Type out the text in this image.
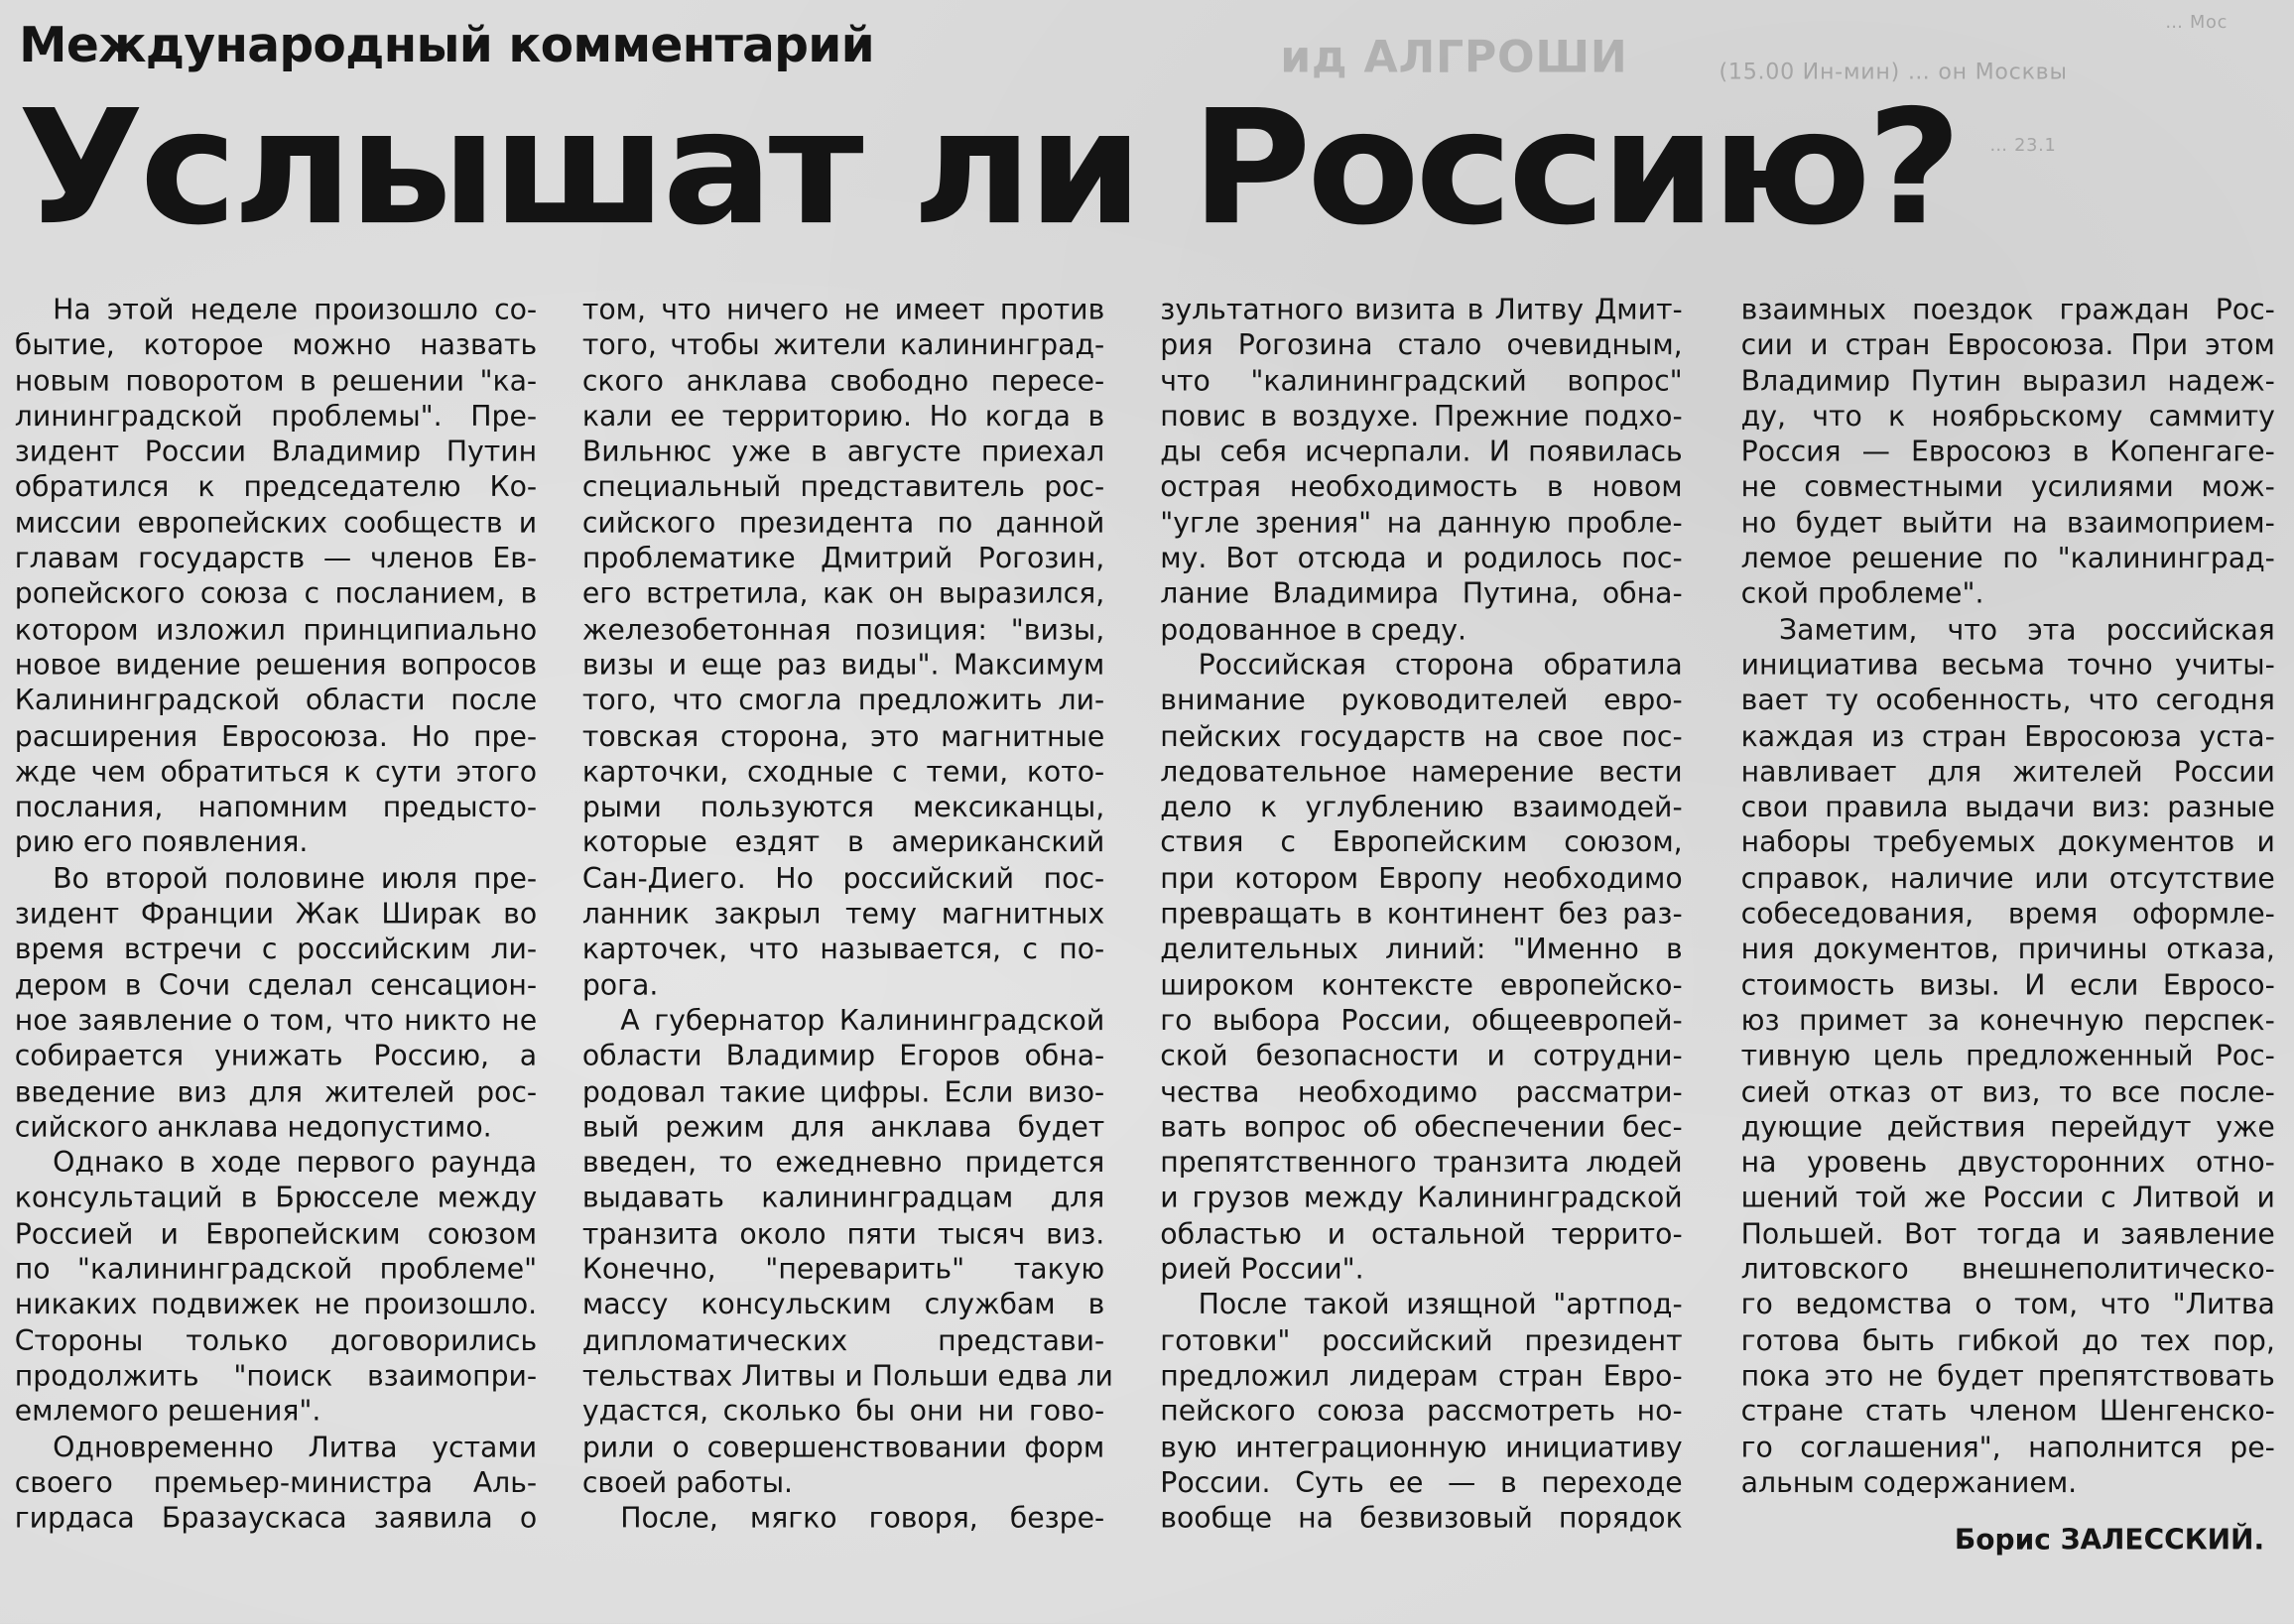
ид АЛГРОШИ	(15.00 Ин-мин) … он Москвы
… 23.1
… Мос
Международный комментарий
Услышат ли Россию?
На этой неделе произошло со-
бытие, которое можно назвать
новым поворотом в решении "ка-
лининградской проблемы". Пре-
зидент России Владимир Путин
обратился к председателю Ко-
миссии европейских сообществ и
главам государств — членов Ев-
ропейского союза с посланием, в
котором изложил принципиально
новое видение решения вопросов
Калининградской области после
расширения Евросоюза. Но пре-
жде чем обратиться к сути этого
послания, напомним предысто-
рию его появления.
Во второй половине июля пре-
зидент Франции Жак Ширак во
время встречи с российским ли-
дером в Сочи сделал сенсацион-
ное заявление о том, что никто не
собирается унижать Россию, а
введение виз для жителей рос-
сийского анклава недопустимо.
Однако в ходе первого раунда
консультаций в Брюсселе между
Россией и Европейским союзом
по "калининградской проблеме"
никаких подвижек не произошло.
Стороны только договорились
продолжить "поиск взаимопри-
емлемого решения".
Одновременно Литва устами
своего премьер-министра Аль-
гирдаса Бразаускаса заявила о
том, что ничего не имеет против
того, чтобы жители калининград-
ского анклава свободно пересе-
кали ее территорию. Но когда в
Вильнюс уже в августе приехал
специальный представитель рос-
сийского президента по данной
проблематике Дмитрий Рогозин,
его встретила, как он выразился,
железобетонная позиция: "визы,
визы и еще раз виды". Максимум
того, что смогла предложить ли-
товская сторона, это магнитные
карточки, сходные с теми, кото-
рыми пользуются мексиканцы,
которые ездят в американский
Сан-Диего. Но российский пос-
ланник закрыл тему магнитных
карточек, что называется, с по-
рога.
А губернатор Калининградской
области Владимир Егоров обна-
родовал такие цифры. Если визо-
вый режим для анклава будет
введен, то ежедневно придется
выдавать калининградцам для
транзита около пяти тысяч виз.
Конечно, "переварить" такую
массу консульским службам в
дипломатических представи-
тельствах Литвы и Польши едва ли
удастся, сколько бы они ни гово-
рили о совершенствовании форм
своей работы.
После, мягко говоря, безре-
зультатного визита в Литву Дмит-
рия Рогозина стало очевидным,
что "калининградский вопрос"
повис в воздухе. Прежние подхо-
ды себя исчерпали. И появилась
острая необходимость в новом
"угле зрения" на данную пробле-
му. Вот отсюда и родилось пос-
лание Владимира Путина, обна-
родованное в среду.
Российская сторона обратила
внимание руководителей евро-
пейских государств на свое пос-
ледовательное намерение вести
дело к углублению взаимодей-
ствия с Европейским союзом,
при котором Европу необходимо
превращать в континент без раз-
делительных линий: "Именно в
широком контексте европейско-
го выбора России, общеевропей-
ской безопасности и сотрудни-
чества необходимо рассматри-
вать вопрос об обеспечении бес-
препятственного транзита людей
и грузов между Калининградской
областью и остальной террито-
рией России".
После такой изящной "артпод-
готовки" российский президент
предложил лидерам стран Евро-
пейского союза рассмотреть но-
вую интеграционную инициативу
России. Суть ее — в переходе
вообще на безвизовый порядок
взаимных поездок граждан Рос-
сии и стран Евросоюза. При этом
Владимир Путин выразил надеж-
ду, что к ноябрьскому саммиту
Россия — Евросоюз в Копенгаге-
не совместными усилиями мож-
но будет выйти на взаимоприем-
лемое решение по "калининград-
ской проблеме".
Заметим, что эта российская
инициатива весьма точно учиты-
вает ту особенность, что сегодня
каждая из стран Евросоюза уста-
навливает для жителей России
свои правила выдачи виз: разные
наборы требуемых документов и
справок, наличие или отсутствие
собеседования, время оформле-
ния документов, причины отказа,
стоимость визы. И если Евросо-
юз примет за конечную перспек-
тивную цель предложенный Рос-
сией отказ от виз, то все после-
дующие действия перейдут уже
на уровень двусторонних отно-
шений той же России с Литвой и
Польшей. Вот тогда и заявление
литовского внешнеполитическо-
го ведомства о том, что "Литва
готова быть гибкой до тех пор,
пока это не будет препятствовать
стране стать членом Шенгенско-
го соглашения", наполнится ре-
альным содержанием.
Борис ЗАЛЕССКИЙ.
